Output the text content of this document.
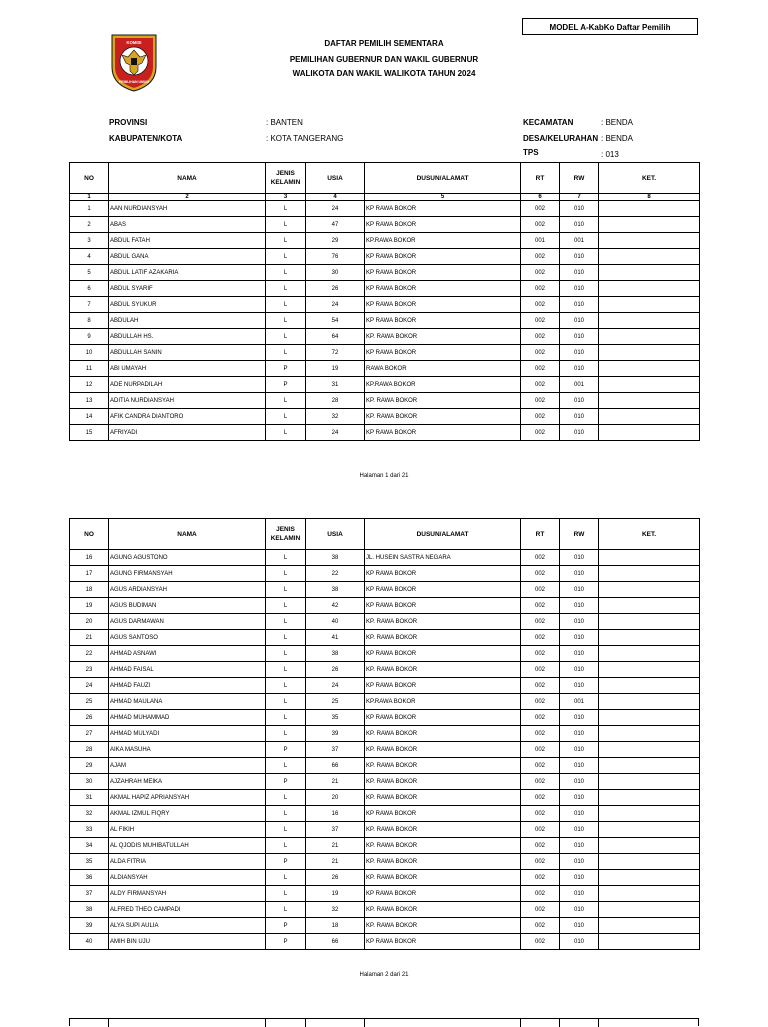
MODEL A-KabKo Daftar Pemilih
KOMISI
PEMILIHAN UMUM
DAFTAR PEMILIH SEMENTARA
PEMILIHAN GUBERNUR DAN WAKIL GUBERNUR
WALIKOTA DAN WAKIL WALIKOTA TAHUN 2024
PROVINSI	: BANTEN
KABUPATEN/KOTA	: KOTA TANGERANG
KECAMATAN	: BENDA
DESA/KELURAHAN : BENDA
TPS	: 013
NO	NAMA	JENIS
KELAMIN	USIA	DUSUN/ALAMAT	RT	RW	KET.
1	2	3	4	5	6	7	8
1	AAN NURDIANSYAH	L	24	KP RAWA BOKOR	002	010	
2	ABAS	L	47	KP RAWA BOKOR	002	010	
3	ABDUL FATAH	L	29	KP.RAWA BOKOR	001	001	
4	ABDUL GANA	L	76	KP RAWA BOKOR	002	010	
5	ABDUL LATIF AZAKARIA	L	30	KP RAWA BOKOR	002	010	
6	ABDUL SYARIF	L	26	KP RAWA BOKOR	002	010	
7	ABDUL SYUKUR	L	24	KP RAWA BOKOR	002	010	
8	ABDULAH	L	54	KP RAWA BOKOR	002	010	
9	ABDULLAH HS.	L	64	KP. RAWA BOKOR	002	010	
10	ABDULLAH SANIN	L	72	KP RAWA BOKOR	002	010	
11	ABI UMAYAH	P	19	RAWA BOKOR	002	010	
12	ADE NURPADILAH	P	31	KP.RAWA BOKOR	002	001	
13	ADITIA NURDIANSYAH	L	28	KP. RAWA BOKOR	002	010	
14	AFIK CANDRA DIANTORO	L	32	KP. RAWA BOKOR	002	010	
15	AFRIYADI	L	24	KP RAWA BOKOR	002	010	
Halaman 1 dari 21
NO	NAMA	JENIS
KELAMIN	USIA	DUSUN/ALAMAT	RT	RW	KET.
16	AGUNG AGUSTONO	L	38	JL. HUSEIN SASTRA NEGARA	002	010	
17	AGUNG FIRMANSYAH	L	22	KP RAWA BOKOR	002	010	
18	AGUS ARDIANSYAH	L	38	KP RAWA BOKOR	002	010	
19	AGUS BUDIMAN	L	42	KP RAWA BOKOR	002	010	
20	AGUS DARMAWAN	L	40	KP. RAWA BOKOR	002	010	
21	AGUS SANTOSO	L	41	KP. RAWA BOKOR	002	010	
22	AHMAD ASNAWI	L	38	KP RAWA BOKOR	002	010	
23	AHMAD FAISAL	L	26	KP. RAWA BOKOR	002	010	
24	AHMAD FAUZI	L	24	KP RAWA BOKOR	002	010	
25	AHMAD MAULANA	L	25	KP.RAWA BOKOR	002	001	
26	AHMAD MUHAMMAD	L	35	KP RAWA BOKOR	002	010	
27	AHMAD MULYADI	L	39	KP. RAWA BOKOR	002	010	
28	AIKA MASUHA	P	37	KP. RAWA BOKOR	002	010	
29	AJAM	L	66	KP. RAWA BOKOR	002	010	
30	AJZAHRAH MEIKA	P	21	KP. RAWA BOKOR	002	010	
31	AKMAL HAPIZ APRIANSYAH	L	20	KP. RAWA BOKOR	002	010	
32	AKMAL IZMUL FIQRY	L	16	KP RAWA BOKOR	002	010	
33	AL FIKIH	L	37	KP. RAWA BOKOR	002	010	
34	AL QJODIS MUHIBATULLAH	L	21	KP. RAWA BOKOR	002	010	
35	ALDA FITRIA	P	21	KP. RAWA BOKOR	002	010	
36	ALDIANSYAH	L	26	KP. RAWA BOKOR	002	010	
37	ALDY FIRMANSYAH	L	19	KP RAWA BOKOR	002	010	
38	ALFRED THEO CAMPADI	L	32	KP. RAWA BOKOR	002	010	
39	ALYA SUPI AULIA	P	18	KP. RAWA BOKOR	002	010	
40	AMIH BIN UJU	P	66	KP RAWA BOKOR	002	010	
Halaman 2 dari 21
